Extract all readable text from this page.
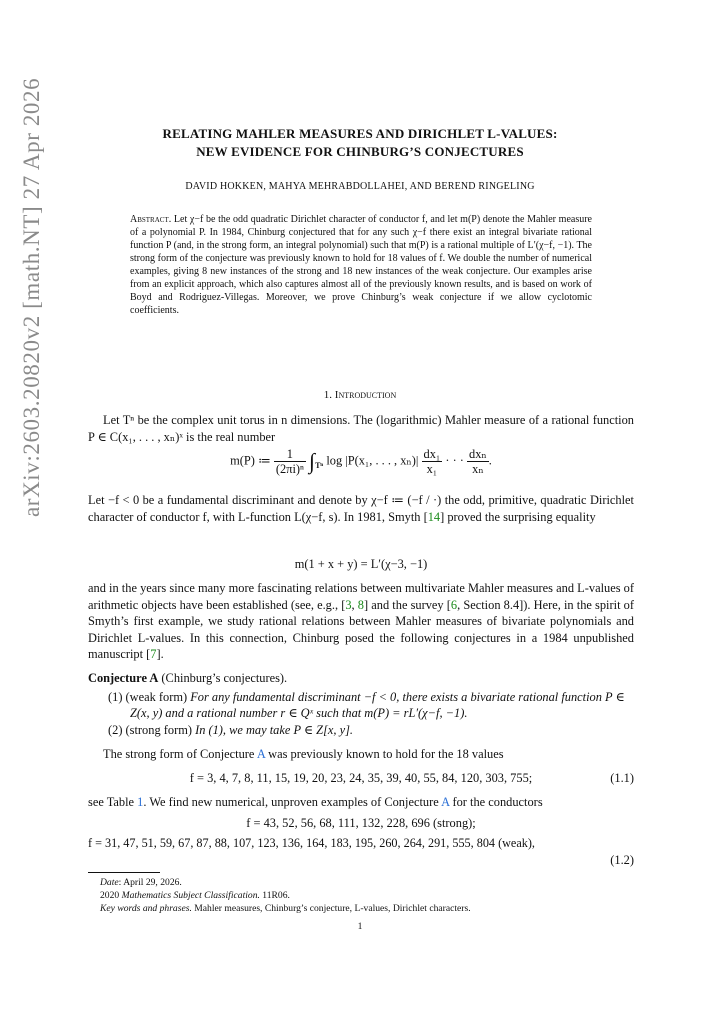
arXiv:2603.20820v2 [math.NT] 27 Apr 2026	RELATING MAHLER MEASURES AND DIRICHLET L-VALUES:
NEW EVIDENCE FOR CHINBURG’S CONJECTURES
DAVID HOKKEN, MAHYA MEHRABDOLLAHEI, AND BEREND RINGELING
Abstract. Let χ−f be the odd quadratic Dirichlet character of conductor f, and let m(P) denote the Mahler measure of a polynomial P. In 1984, Chinburg conjectured that for any such χ−f there exist an integral bivariate rational function P (and, in the strong form, an integral polynomial) such that m(P) is a rational multiple of L′(χ−f, −1). The strong form of the conjecture was previously known to hold for 18 values of f. We double the number of numerical examples, giving 8 new instances of the strong and 18 new instances of the weak conjecture. Our examples arise from an explicit approach, which also captures almost all of the previously known results, and is based on work of Boyd and Rodriguez-Villegas. Moreover, we prove Chinburg’s weak conjecture if we allow cyclotomic coefficients.
1. Introduction
Let Tⁿ be the complex unit torus in n dimensions. The (logarithmic) Mahler measure of a rational function P ∈ C(x₁, . . . , xₙ)ˣ is the real number
m(P) ≔ $\frac{1}{\text{(2πi)ⁿ}} \int_{T^n}$ log |P(x₁, . . . , $x_n)| \frac{\text{dx₁}}{\text{x₁}}$ · · · $\frac{\text{dxₙ}}{\text{xₙ}}$ .
Let −f < 0 be a fundamental discriminant and denote by χ−f ≔ (−f / ·) the odd, primitive, quadratic Dirichlet character of conductor f, with L-function L(χ−f, s). In 1981, Smyth [14] proved the surprising equality
m(1 + x + y) = L′(χ−3, −1)
and in the years since many more fascinating relations between multivariate Mahler measures and L-values of arithmetic objects have been established (see, e.g., [3, 8] and the survey [6, Section 8.4]). Here, in the spirit of Smyth’s first example, we study rational relations between Mahler measures of bivariate polynomials and Dirichlet L-values. In this connection, Chinburg posed the following conjectures in a 1984 unpublished manuscript [7].
Conjecture A (Chinburg’s conjectures).
(1) (weak form) For any fundamental discriminant −f < 0, there exists a bivariate rational function P ∈ Z(x, y) and a rational number r ∈ Qˣ such that m(P) = rL′(χ−f, −1).
(2) (strong form) In (1), we may take P ∈ Z[x, y].
The strong form of Conjecture A was previously known to hold for the 18 values
f = 3, 4, 7, 8, 11, 15, 19, 20, 23, 24, 35, 39, 40, 55, 84, 120, 303, 755;	(1.1)
see Table 1. We find new numerical, unproven examples of Conjecture A for the conductors
f = 43, 52, 56, 68, 111, 132, 228, 696 (strong);
f = 31, 47, 51, 59, 67, 87, 88, 107, 123, 136, 164, 183, 195, 260, 264, 291, 555, 804 (weak),
(1.2)
Date: April 29, 2026.
2020 Mathematics Subject Classification. 11R06.
Key words and phrases. Mahler measures, Chinburg’s conjecture, L-values, Dirichlet characters.
1
